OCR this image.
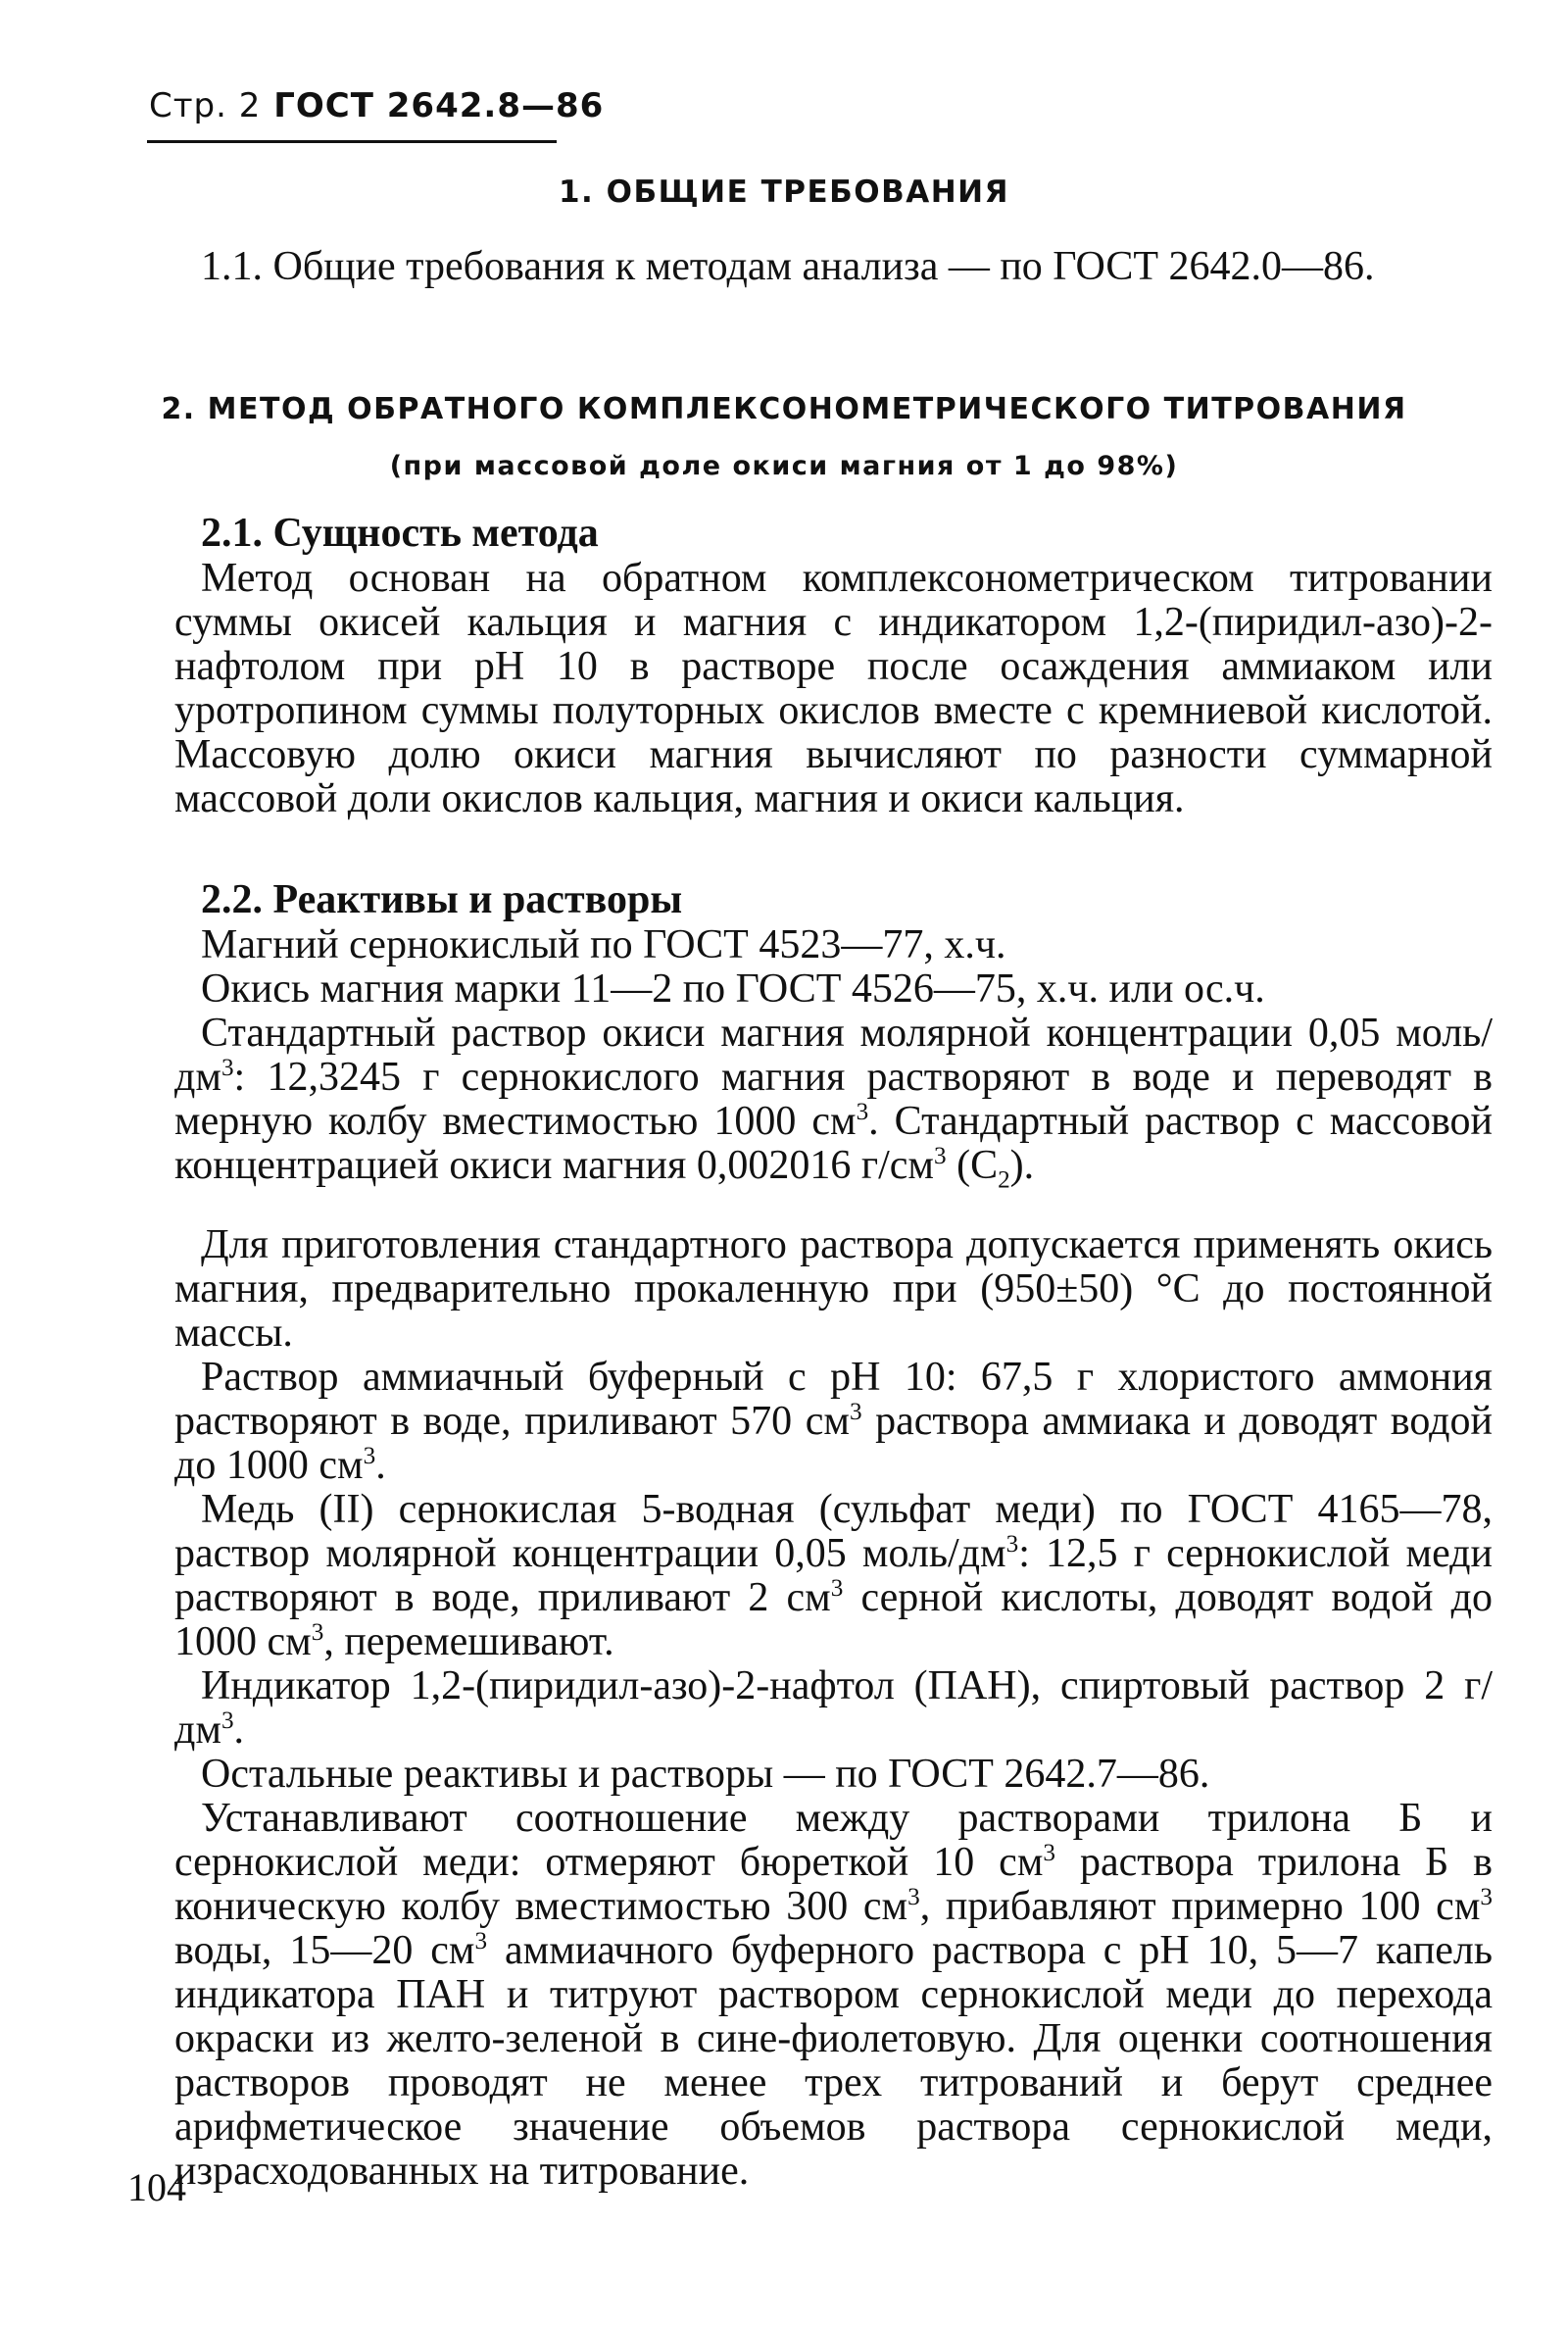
Стр. 2 ГОСТ 2642.8—86
1. ОБЩИЕ ТРЕБОВАНИЯ
1.1. Общие требования к методам анализа — по ГОСТ 2642.0—86.
2. МЕТОД ОБРАТНОГО КОМПЛЕКСОНОМЕТРИЧЕСКОГО ТИТРОВАНИЯ
(при массовой доле окиси магния от 1 до 98%)
2.1. Сущность метода
Метод основан на обратном комплексонометрическом титровании суммы окисей кальция и магния с индикатором 1,2-(пиридил-азо)-2-нафтолом при pH 10 в растворе после осаждения аммиаком или уротропином суммы полуторных окислов вместе с кремниевой кислотой. Массовую долю окиси магния вычисляют по разности суммарной массовой доли окислов кальция, магния и окиси кальция.
2.2. Реактивы и растворы
Магний сернокислый по ГОСТ 4523—77, х.ч.
Окись магния марки 11—2 по ГОСТ 4526—75, х.ч. или ос.ч.
Стандартный раствор окиси магния молярной концентрации 0,05 моль/$дм^3$: 12,3245 г сернокислого магния растворяют в воде и переводят в мерную колбу вместимостью 1000 $см^3$. Стандартный раствор с массовой концентрацией окиси магния 0,002016 $г/см^3$ $(C_2)$.
Для приготовления стандартного раствора допускается применять окись магния, предварительно прокаленную при (950±50) °С до постоянной массы.
Раствор аммиачный буферный с pH 10: 67,5 г хлористого аммония растворяют в воде, приливают 570 $см^3$ раствора аммиака и доводят водой до 1000 $см^3$.
Медь (II) сернокислая 5-водная (сульфат меди) по ГОСТ 4165—78, раствор молярной концентрации 0,05 моль/$дм^3$: 12,5 г сернокислой меди растворяют в воде, приливают 2 $см^3$ серной кислоты, доводят водой до 1000 $см^3$, перемешивают.
Индикатор 1,2-(пиридил-азо)-2-нафтол (ПАН), спиртовый раствор 2 $г/дм^3$.
Остальные реактивы и растворы — по ГОСТ 2642.7—86.
Устанавливают соотношение между растворами трилона Б и сернокислой меди: отмеряют бюреткой 10 $см^3$ раствора трилона Б в коническую колбу вместимостью 300 $см^3$, прибавляют примерно 100 $см^3$ воды, 15—20 $см^3$ аммиачного буферного раствора с pH 10, 5—7 капель индикатора ПАН и титруют раствором сернокислой меди до перехода окраски из желто-зеленой в сине-фиолетовую. Для оценки соотношения растворов проводят не менее трех титрований и берут среднее арифметическое значение объемов раствора сернокислой меди, израсходованных на титрование.
104
